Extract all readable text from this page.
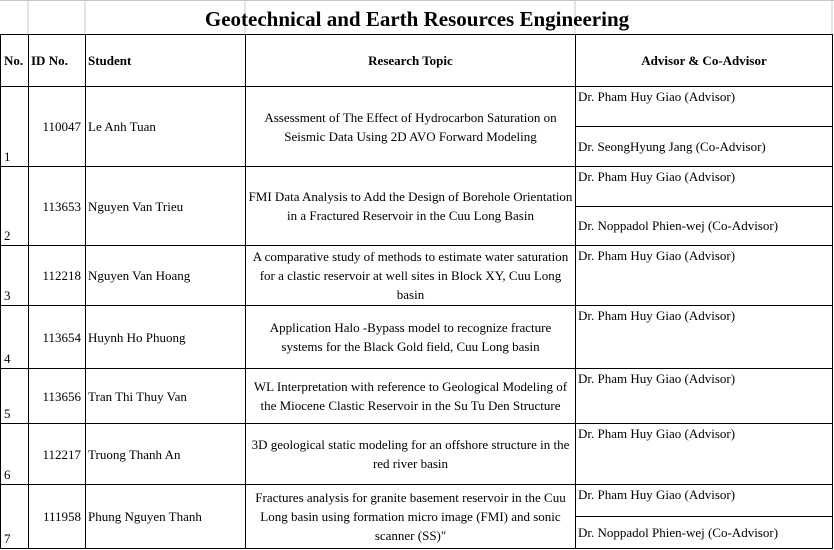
Geotechnical and Earth Resources Engineering
No.	ID No.	Student	Research Topic	Advisor & Co-Advisor
1	110047	Le Anh Tuan	Assessment of The Effect of Hydrocarbon Saturation on Seismic Data Using 2D AVO Forward Modeling	Dr. Pham Huy Giao (Advisor)
Dr. SeongHyung Jang (Co-Advisor)

2	113653	Nguyen Van Trieu	FMI Data Analysis to Add the Design of Borehole Orientation in a Fractured Reservoir in the Cuu Long Basin	Dr. Pham Huy Giao (Advisor)
Dr. Noppadol Phien-wej (Co-Advisor)

3	112218	Nguyen Van Hoang	A comparative study of methods to estimate water saturation for a clastic reservoir at well sites in Block XY, Cuu Long basin	Dr. Pham Huy Giao (Advisor)

4	113654	Huynh Ho Phuong	Application Halo -Bypass model to recognize fracture systems for the Black Gold field, Cuu Long basin	Dr. Pham Huy Giao (Advisor)

5	113656	Tran Thi Thuy Van	WL Interpretation with reference to Geological Modeling of the Miocene Clastic Reservoir in the Su Tu Den Structure	Dr. Pham Huy Giao (Advisor)

6	112217	Truong Thanh An	3D geological static modeling for an offshore structure in the red river basin	Dr. Pham Huy Giao (Advisor)

7	111958	Phung Nguyen Thanh	Fractures analysis for granite basement reservoir in the Cuu Long basin using formation micro image (FMI) and sonic scanner (SS)"	Dr. Pham Huy Giao (Advisor)
Dr. Noppadol Phien-wej (Co-Advisor)
